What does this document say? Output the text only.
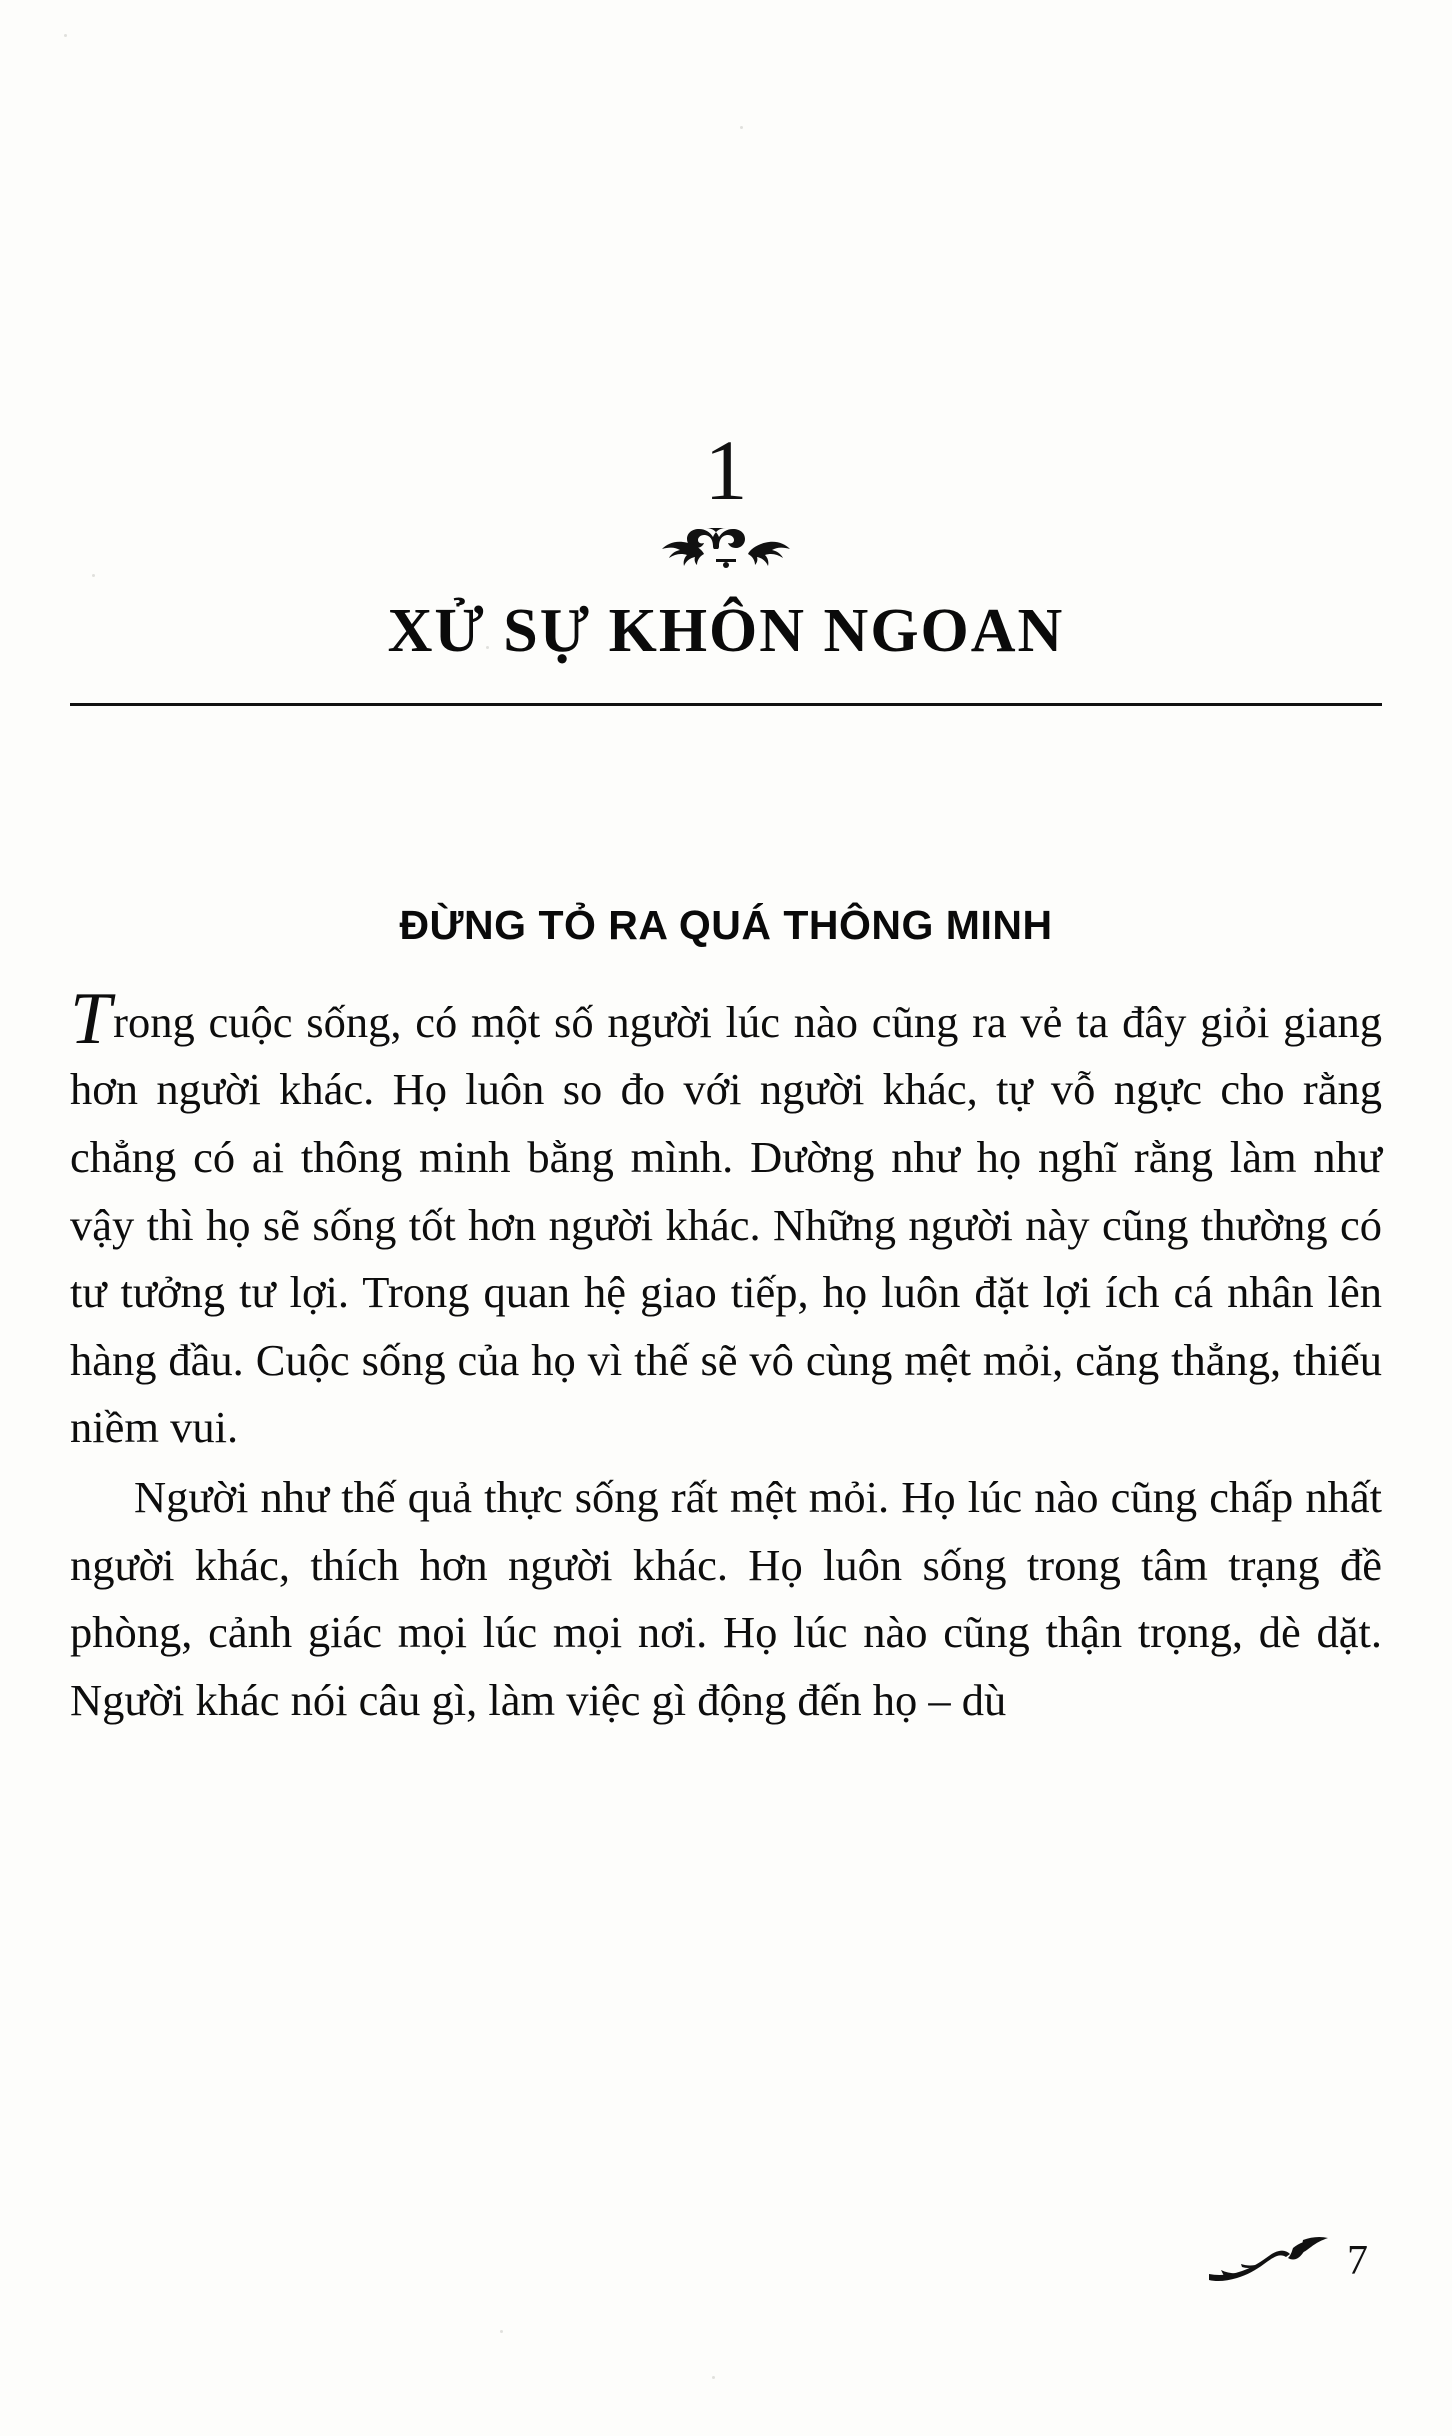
1
XỬ SỰ KHÔN NGOAN
ĐỪNG TỎ RA QUÁ THÔNG MINH

Trong cuộc sống, có một số người lúc nào cũng ra vẻ ta đây giỏi giang hơn người khác. Họ luôn so đo với người khác, tự vỗ ngực cho rằng chẳng có ai thông minh bằng mình. Dường như họ nghĩ rằng làm như vậy thì họ sẽ sống tốt hơn người khác. Những người này cũng thường có tư tưởng tư lợi. Trong quan hệ giao tiếp, họ luôn đặt lợi ích cá nhân lên hàng đầu. Cuộc sống của họ vì thế sẽ vô cùng mệt mỏi, căng thẳng, thiếu niềm vui.

Người như thế quả thực sống rất mệt mỏi. Họ lúc nào cũng chấp nhất người khác, thích hơn người khác. Họ luôn sống trong tâm trạng đề phòng, cảnh giác mọi lúc mọi nơi. Họ lúc nào cũng thận trọng, dè dặt. Người khác nói câu gì, làm việc gì động đến họ – dù

7
